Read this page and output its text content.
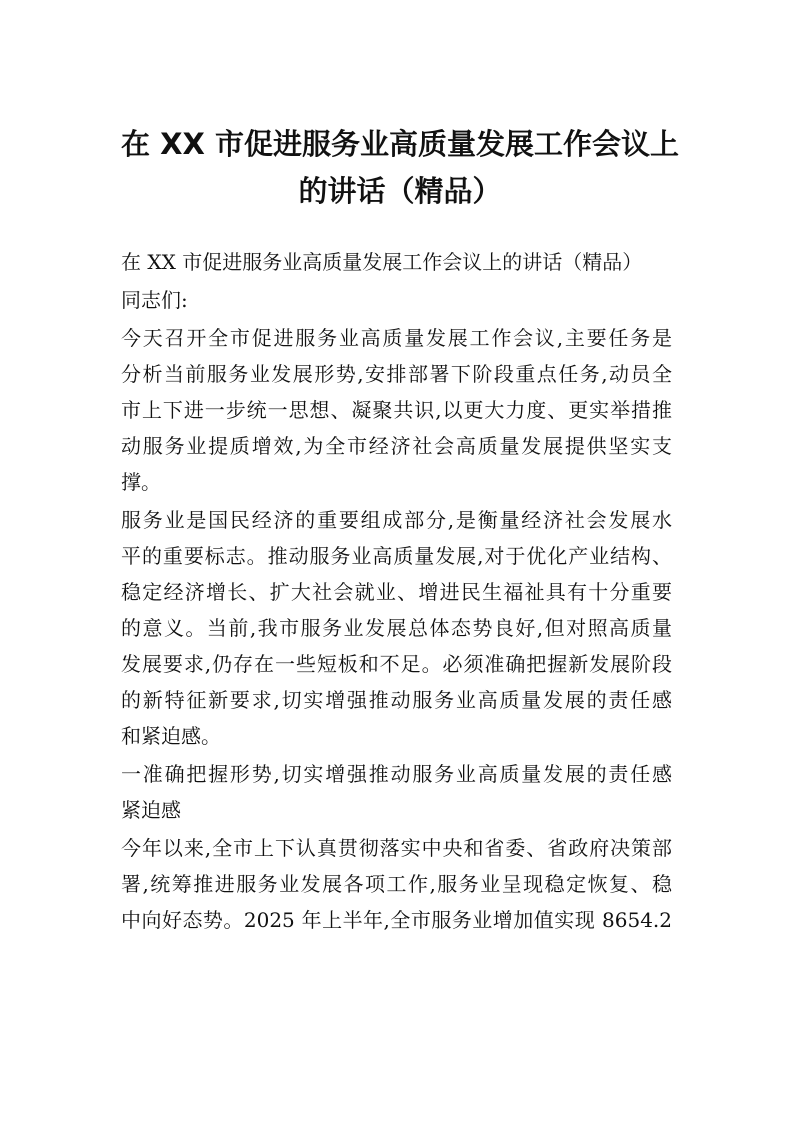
在 XX 市促进服务业高质量发展工作会议上
的讲话（精品）
在 XX 市促进服务业高质量发展工作会议上的讲话（精品）
同志们:
今天召开全市促进服务业高质量发展工作会议,主要任务是
分析当前服务业发展形势,安排部署下阶段重点任务,动员全
市上下进一步统一思想、凝聚共识,以更大力度、更实举措推
动服务业提质增效,为全市经济社会高质量发展提供坚实支
撑。
服务业是国民经济的重要组成部分,是衡量经济社会发展水
平的重要标志。推动服务业高质量发展,对于优化产业结构、
稳定经济增长、扩大社会就业、增进民生福祉具有十分重要
的意义。当前,我市服务业发展总体态势良好,但对照高质量
发展要求,仍存在一些短板和不足。必须准确把握新发展阶段
的新特征新要求,切实增强推动服务业高质量发展的责任感
和紧迫感。
一准确把握形势,切实增强推动服务业高质量发展的责任感
紧迫感
今年以来,全市上下认真贯彻落实中央和省委、省政府决策部
署,统筹推进服务业发展各项工作,服务业呈现稳定恢复、稳
中向好态势。2025 年上半年,全市服务业增加值实现 8654.2
